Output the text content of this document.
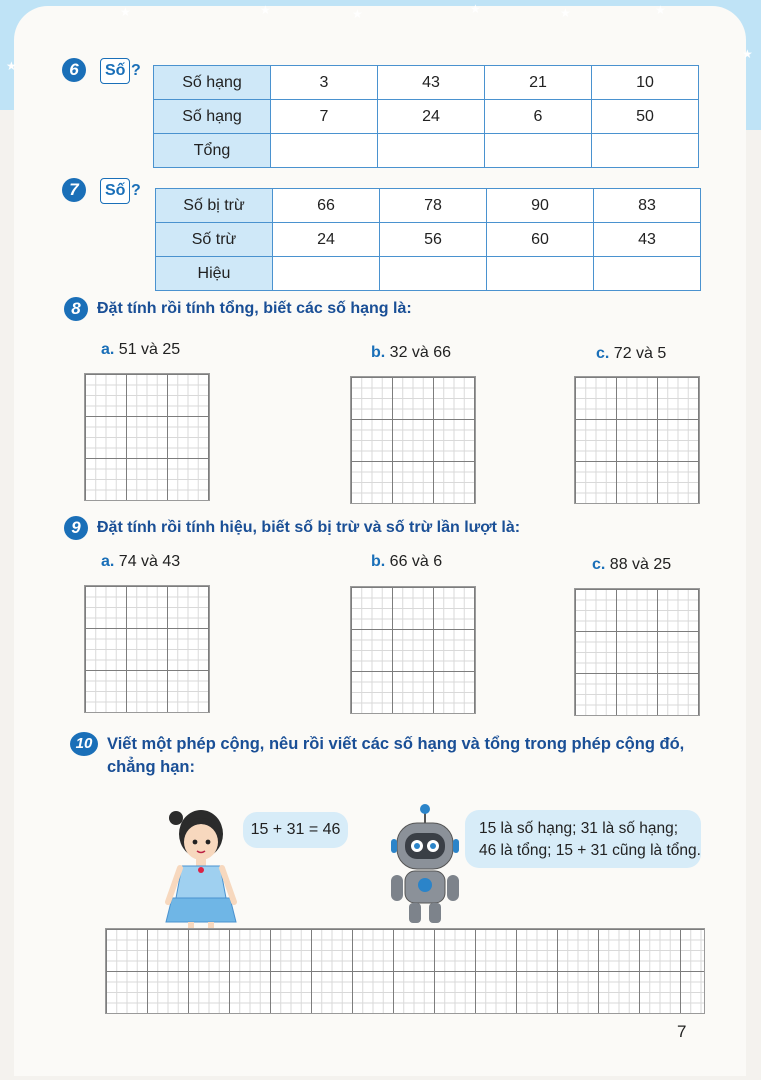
★	★	★	★	★	★
★
★
6	Số ?
Số hạng	3	43	21	10
Số hạng	7	24	6	50
Tổng				
7	Số ?
Số bị trừ	66	78	90	83
Số trừ	24	56	60	43
Hiệu				
8	Đặt tính rồi tính tổng, biết các số hạng là:
a. 51 và 25	b. 32 và 66	c. 72 và 5
9	Đặt tính rồi tính hiệu, biết số bị trừ và số trừ lần lượt là:
a. 74 và 43	b. 66 và 6	c. 88 và 25
10 Viết một phép cộng, nêu rồi viết các số hạng và tổng trong phép cộng đó, chẳng hạn:
15 + 31 = 46	15 là số hạng; 31 là số hạng;
46 là tổng; 15 + 31 cũng là tổng.
7
